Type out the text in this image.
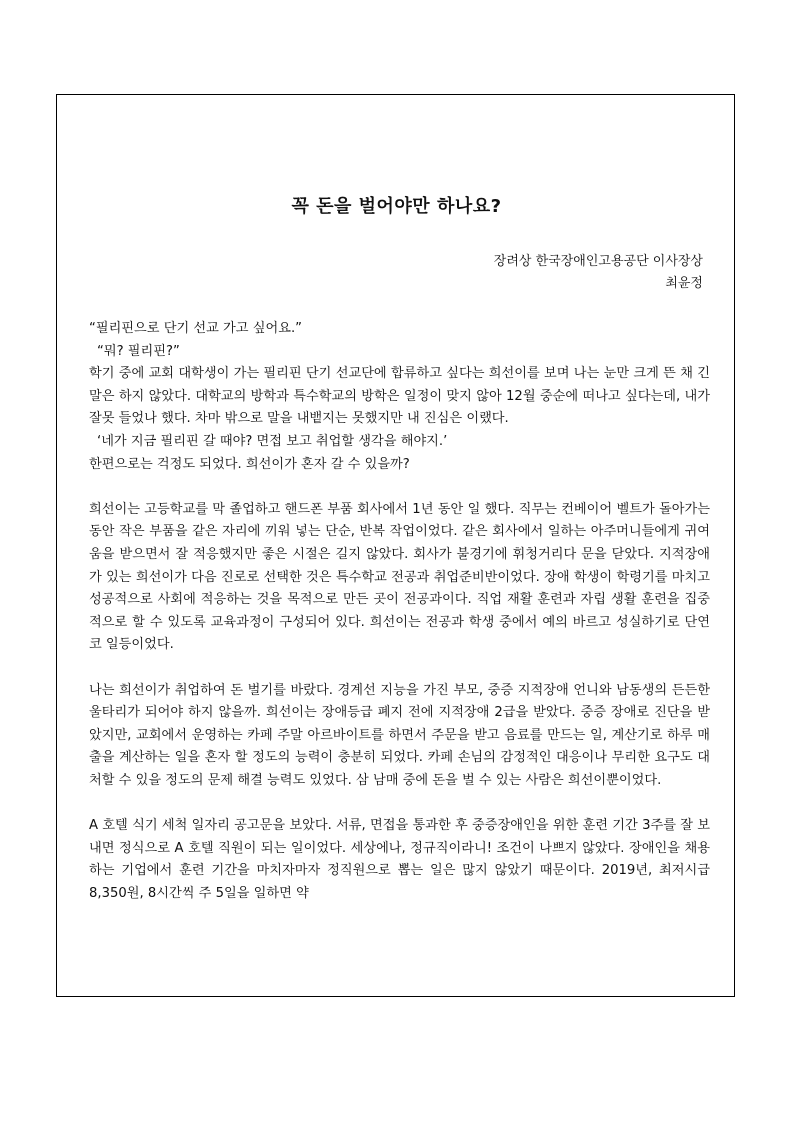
꼭 돈을 벌어야만 하나요?
장려상 한국장애인고용공단 이사장상
최윤정

“필리핀으로 단기 선교 가고 싶어요.”

“뭐? 필리핀?”

학기 중에 교회 대학생이 가는 필리핀 단기 선교단에 합류하고 싶다는 희선이를 보며 나는 눈만 크게 뜬 채 긴 말은 하지 않았다. 대학교의 방학과 특수학교의 방학은 일정이 맞지 않아 12월 중순에 떠나고 싶다는데, 내가 잘못 들었나 했다. 차마 밖으로 말을 내뱉지는 못했지만 내 진심은 이랬다.

‘네가 지금 필리핀 갈 때야? 면접 보고 취업할 생각을 해야지.’

한편으로는 걱정도 되었다. 희선이가 혼자 갈 수 있을까?

희선이는 고등학교를 막 졸업하고 핸드폰 부품 회사에서 1년 동안 일 했다. 직무는 컨베이어 벨트가 돌아가는 동안 작은 부품을 같은 자리에 끼워 넣는 단순, 반복 작업이었다. 같은 회사에서 일하는 아주머니들에게 귀여움을 받으면서 잘 적응했지만 좋은 시절은 길지 않았다. 회사가 불경기에 휘청거리다 문을 닫았다. 지적장애가 있는 희선이가 다음 진로로 선택한 것은 특수학교 전공과 취업준비반이었다. 장애 학생이 학령기를 마치고 성공적으로 사회에 적응하는 것을 목적으로 만든 곳이 전공과이다. 직업 재활 훈련과 자립 생활 훈련을 집중적으로 할 수 있도록 교육과정이 구성되어 있다. 희선이는 전공과 학생 중에서 예의 바르고 성실하기로 단연코 일등이었다.

나는 희선이가 취업하여 돈 벌기를 바랐다. 경계선 지능을 가진 부모, 중증 지적장애 언니와 남동생의 든든한 울타리가 되어야 하지 않을까. 희선이는 장애등급 폐지 전에 지적장애 2급을 받았다. 중증 장애로 진단을 받았지만, 교회에서 운영하는 카페 주말 아르바이트를 하면서 주문을 받고 음료를 만드는 일, 계산기로 하루 매출을 계산하는 일을 혼자 할 정도의 능력이 충분히 되었다. 카페 손님의 감정적인 대응이나 무리한 요구도 대처할 수 있을 정도의 문제 해결 능력도 있었다. 삼 남매 중에 돈을 벌 수 있는 사람은 희선이뿐이었다.

A 호텔 식기 세척 일자리 공고문을 보았다. 서류, 면접을 통과한 후 중증장애인을 위한 훈련 기간 3주를 잘 보내면 정식으로 A 호텔 직원이 되는 일이었다. 세상에나, 정규직이라니! 조건이 나쁘지 않았다. 장애인을 채용하는 기업에서 훈련 기간을 마치자마자 정직원으로 뽑는 일은 많지 않았기 때문이다. 2019년, 최저시급 8,350원, 8시간씩 주 5일을 일하면 약
